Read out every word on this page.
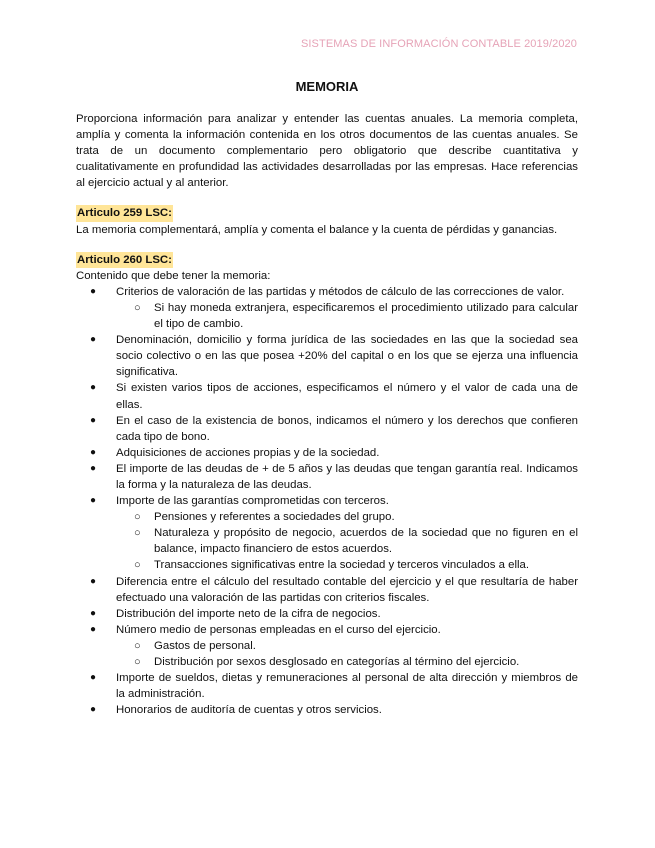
SISTEMAS DE INFORMACIÓN CONTABLE 2019/2020
MEMORIA

Proporciona información para analizar y entender las cuentas anuales. La memoria completa, amplía y comenta la información contenida en los otros documentos de las cuentas anuales. Se trata de un documento complementario pero obligatorio que describe cuantitativa y cualitativamente en profundidad las actividades desarrolladas por las empresas. Hace referencias al ejercicio actual y al anterior.

Articulo 259 LSC:

La memoria complementará, amplía y comenta el balance y la cuenta de pérdidas y ganancias.

Articulo 260 LSC:

Contenido que debe tener la memoria:

● Criterios de valoración de las partidas y métodos de cálculo de las correcciones de valor.
○ Si hay moneda extranjera, especificaremos el procedimiento utilizado para calcular el tipo de cambio.
● Denominación, domicilio y forma jurídica de las sociedades en las que la sociedad sea socio colectivo o en las que posea +20% del capital o en los que se ejerza una influencia significativa.
● Si existen varios tipos de acciones, especificamos el número y el valor de cada una de ellas.
● En el caso de la existencia de bonos, indicamos el número y los derechos que confieren cada tipo de bono.
● Adquisiciones de acciones propias y de la sociedad.
● El importe de las deudas de + de 5 años y las deudas que tengan garantía real. Indicamos la forma y la naturaleza de las deudas.
● Importe de las garantías comprometidas con terceros.
○ Pensiones y referentes a sociedades del grupo.
○ Naturaleza y propósito de negocio, acuerdos de la sociedad que no figuren en el balance, impacto financiero de estos acuerdos.
○ Transacciones significativas entre la sociedad y terceros vinculados a ella.
● Diferencia entre el cálculo del resultado contable del ejercicio y el que resultaría de haber efectuado una valoración de las partidas con criterios fiscales.
● Distribución del importe neto de la cifra de negocios.
● Número medio de personas empleadas en el curso del ejercicio.
○ Gastos de personal.
○ Distribución por sexos desglosado en categorías al término del ejercicio.
● Importe de sueldos, dietas y remuneraciones al personal de alta dirección y miembros de la administración.
● Honorarios de auditoría de cuentas y otros servicios.
